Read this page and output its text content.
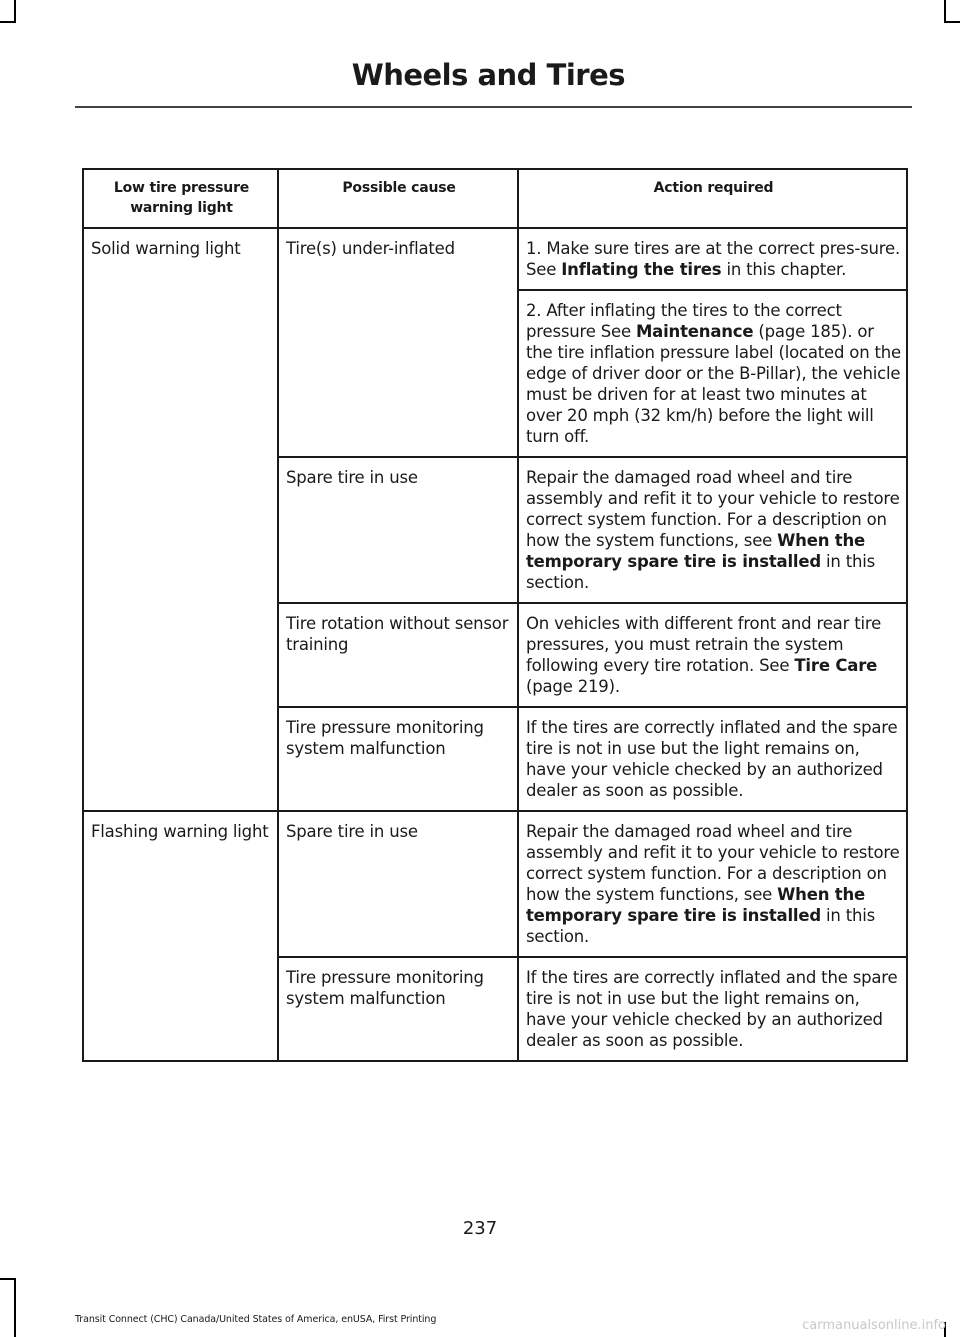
Wheels and Tires
Low tire pressure warning light	Possible cause	Action required
Solid warning light	Tire(s) under-inflated	1. Make sure tires are at the correct pres-sure. See Inflating the tires in this chapter.
		2. After inflating the tires to the correct pressure See Maintenance (page 185). or the tire inflation pressure label (located on the edge of driver door or the B-Pillar), the vehicle must be driven for at least two minutes at over 20 mph (32 km/h) before the light will turn off.
	Spare tire in use	Repair the damaged road wheel and tire assembly and refit it to your vehicle to restore correct system function. For a description on how the system functions, see When the temporary spare tire is installed in this section.
	Tire rotation without sensor training	On vehicles with different front and rear tire pressures, you must retrain the system following every tire rotation. See Tire Care (page 219).
	Tire pressure monitoring system malfunction	If the tires are correctly inflated and the spare tire is not in use but the light remains on, have your vehicle checked by an authorized dealer as soon as possible.
Flashing warning light	Spare tire in use	Repair the damaged road wheel and tire assembly and refit it to your vehicle to restore correct system function. For a description on how the system functions, see When the temporary spare tire is installed in this section.
	Tire pressure monitoring system malfunction	If the tires are correctly inflated and the spare tire is not in use but the light remains on, have your vehicle checked by an authorized dealer as soon as possible.
237
Transit Connect (CHC) Canada/United States of America, enUSA, First Printing	carmanualsonline.info
